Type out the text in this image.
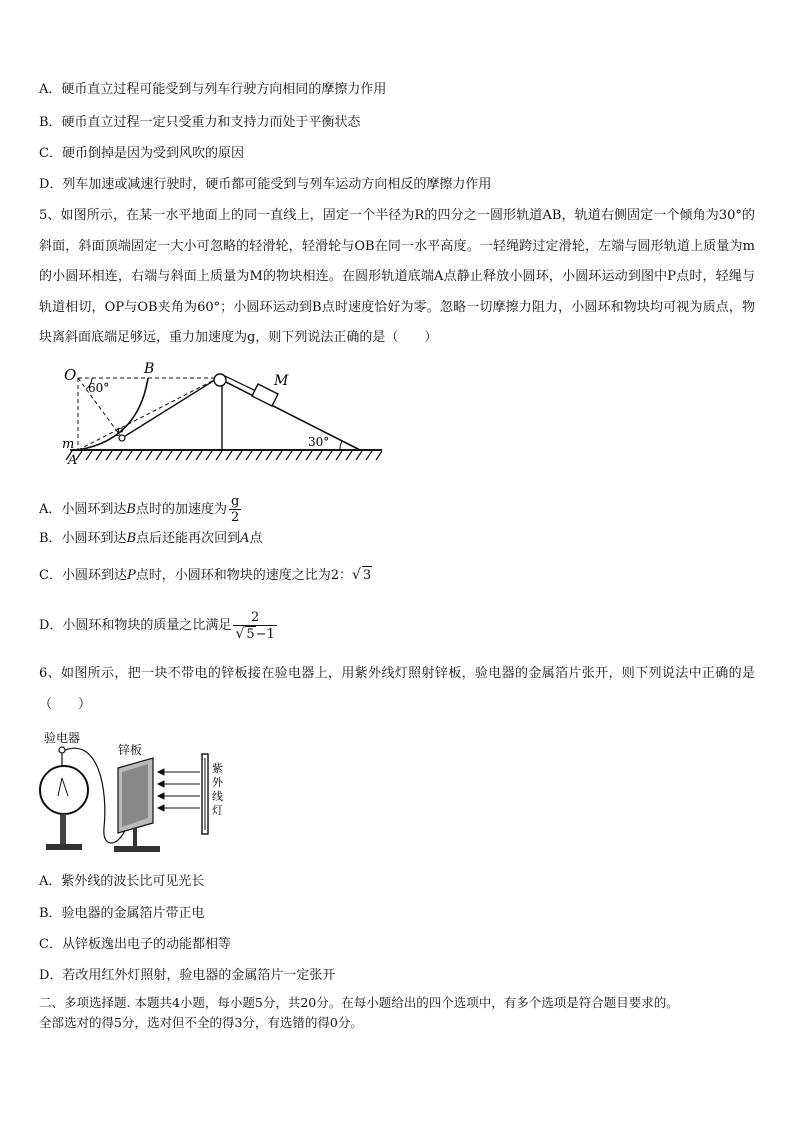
A．硬币直立过程可能受到与列车行驶方向相同的摩擦力作用
B．硬币直立过程一定只受重力和支持力而处于平衡状态
C．硬币倒掉是因为受到风吹的原因
D．列车加速或减速行驶时，硬币都可能受到与列车运动方向相反的摩擦力作用
5、如图所示，在某一水平地面上的同一直线上，固定一个半径为R的四分之一圆形轨道AB，轨道右侧固定一个倾角为30°的斜面，斜面顶端固定一大小可忽略的轻滑轮，轻滑轮与OB在同一水平高度。一轻绳跨过定滑轮，左端与圆形轨道上质量为m的小圆环相连，右端与斜面上质量为M的物块相连。在圆形轨道底端A点静止释放小圆环，小圆环运动到图中P点时，轻绳与轨道相切，OP与OB夹角为60°；小圆环运动到B点时速度恰好为零。忽略一切摩擦力阻力，小圆环和物块均可视为质点，物块离斜面底端足够远，重力加速度为g，则下列说法正确的是（　　）
O	B
60°	M
30°
m
A
P
A．小圆环到达B点时的加速度为 $\frac{g}{2}$
B．小圆环到达B点后还能再次回到A点
C．小圆环到达P点时，小圆环和物块的速度之比为2：√ 3
D．小圆环和物块的质量之比满足 $\frac{2}{√ 5-1}$
6、如图所示，把一块不带电的锌板接在验电器上，用紫外线灯照射锌板，验电器的金属箔片张开，则下列说法中正确的是（　　）
验电器
锌板
紫
外
线
灯
A．紫外线的波长比可见光长
B．验电器的金属箔片带正电
C．从锌板逸出电子的动能都相等
D．若改用红外灯照射，验电器的金属箔片一定张开
二、多项选择题. 本题共4小题，每小题5分，共20分。在每小题给出的四个选项中，有多个选项是符合题目要求的。
全部选对的得5分，选对但不全的得3分，有选错的得0分。
